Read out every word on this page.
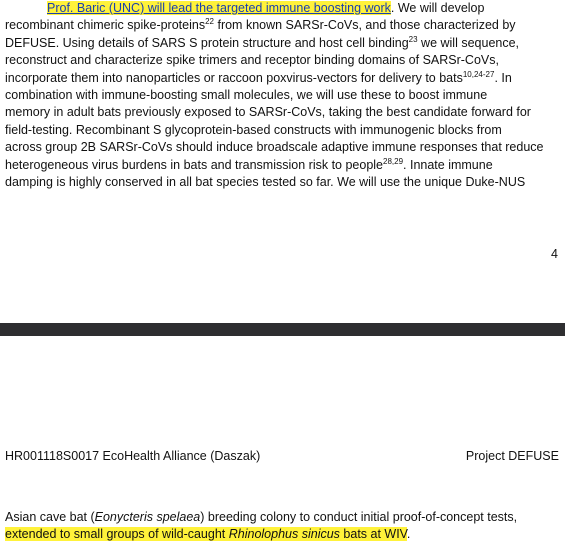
Prof. Baric (UNC) will lead the targeted immune boosting work. We will develop
recombinant chimeric spike-proteins$^{22}$ from known SARSr-CoVs, and those characterized by
DEFUSE. Using details of SARS S protein structure and host cell binding$^{23}$ we will sequence,
reconstruct and characterize spike trimers and receptor binding domains of SARSr-CoVs,
incorporate them into nanoparticles or raccoon poxvirus-vectors for delivery to bats$^{10,24-27}$. In
combination with immune-boosting small molecules, we will use these to boost immune
memory in adult bats previously exposed to SARSr-CoVs, taking the best candidate forward for
field-testing. Recombinant S glycoprotein-based constructs with immunogenic blocks from
across group 2B SARSr-CoVs should induce broadscale adaptive immune responses that reduce
heterogeneous virus burdens in bats and transmission risk to people$^{28,29}$. Innate immune
damping is highly conserved in all bat species tested so far. We will use the unique Duke-NUS
4
HR001118S0017 EcoHealth Alliance (Daszak)	Project DEFUSE
Asian cave bat (Eonycteris spelaea) breeding colony to conduct initial proof-of-concept tests,
extended to small groups of wild-caught Rhinolophus sinicus bats at WIV.
